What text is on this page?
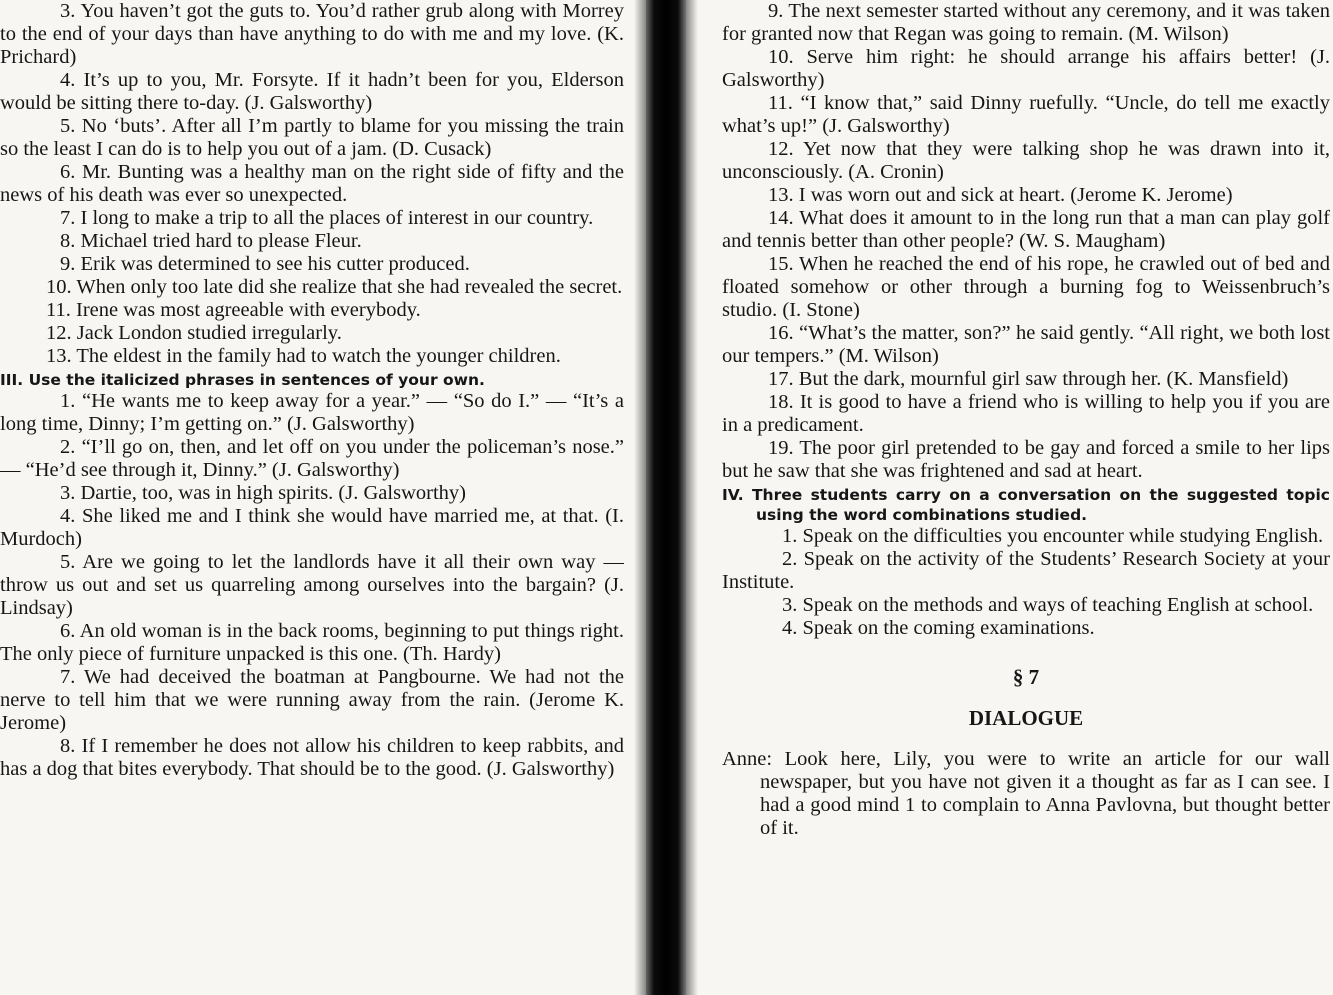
3. You haven’t got the guts to. You’d rather grub along with Morrey to the end of your days than have anything to do with me and my love. (K. Prichard)

4. It’s up to you, Mr. Forsyte. If it hadn’t been for you, Elderson would be sitting there to-day. (J. Galsworthy)

5. No ‘buts’. After all I’m partly to blame for you missing the train so the least I can do is to help you out of a jam. (D. Cusack)

6. Mr. Bunting was a healthy man on the right side of fifty and the news of his death was ever so unexpected.

7. I long to make a trip to all the places of interest in our country.

8. Michael tried hard to please Fleur.

9. Erik was determined to see his cutter produced.

10. When only too late did she realize that she had revealed the secret.

11. Irene was most agreeable with everybody.

12. Jack London studied irregularly.

13. The eldest in the family had to watch the younger children.

III. Use the italicized phrases in sentences of your own.

1. “He wants me to keep away for a year.” — “So do I.” — “It’s a long time, Dinny; I’m getting on.” (J. Galsworthy)

2. “I’ll go on, then, and let off on you under the policeman’s nose.” — “He’d see through it, Dinny.” (J. Galsworthy)

3. Dartie, too, was in high spirits. (J. Galsworthy)

4. She liked me and I think she would have married me, at that. (I. Murdoch)

5. Are we going to let the landlords have it all their own way — throw us out and set us quarreling among ourselves into the bargain? (J. Lindsay)

6. An old woman is in the back rooms, beginning to put things right. The only piece of furniture unpacked is this one. (Th. Hardy)

7. We had deceived the boatman at Pangbourne. We had not the nerve to tell him that we were running away from the rain. (Jerome K. Jerome)

8. If I remember he does not allow his children to keep rabbits, and has a dog that bites everybody. That should be to the good. (J. Galsworthy)

9. The next semester started without any ceremony, and it was taken for granted now that Regan was going to remain. (M. Wilson)

10. Serve him right: he should arrange his affairs better! (J. Galsworthy)

11. “I know that,” said Dinny ruefully. “Uncle, do tell me exactly what’s up!” (J. Galsworthy)

12. Yet now that they were talking shop he was drawn into it, unconsciously. (A. Cronin)

13. I was worn out and sick at heart. (Jerome K. Jerome)

14. What does it amount to in the long run that a man can play golf and tennis better than other people? (W. S. Maugham)

15. When he reached the end of his rope, he crawled out of bed and floated somehow or other through a burning fog to Weissenbruch’s studio. (I. Stone)

16. “What’s the matter, son?” he said gently. “All right, we both lost our tempers.” (M. Wilson)

17. But the dark, mournful girl saw through her. (K. Mansfield)

18. It is good to have a friend who is willing to help you if you are in a predicament.

19. The poor girl pretended to be gay and forced a smile to her lips but he saw that she was frightened and sad at heart.

IV. Three students carry on a conversation on the suggested topic using the word combinations studied.

1. Speak on the difficulties you encounter while studying English.

2. Speak on the activity of the Students’ Research Society at your Institute.

3. Speak on the methods and ways of teaching English at school.

4. Speak on the coming examinations.

§ 7

DIALOGUE

Anne: Look here, Lily, you were to write an article for our wall newspaper, but you have not given it a thought as far as I can see. I had a good mind 1 to complain to Anna Pavlovna, but thought better of it.
